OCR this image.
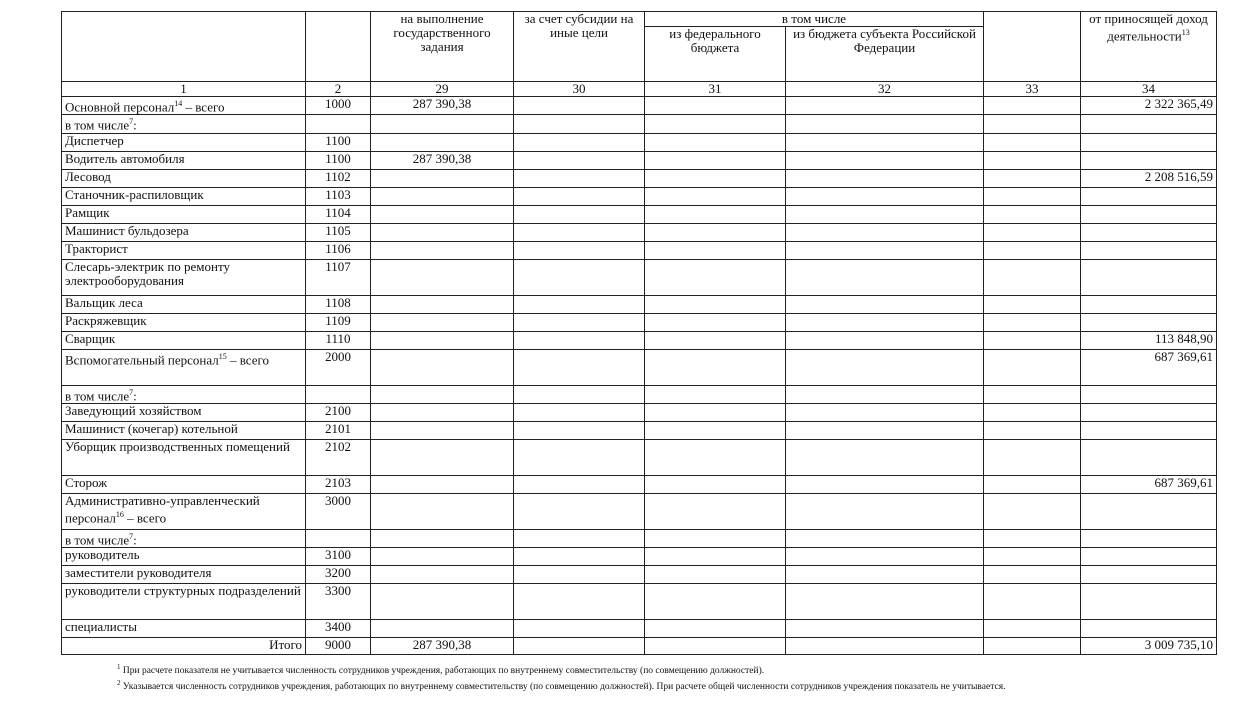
		на выполнение государственного задания	за счет субсидии на иные цели	в том числе			от приносящей доход деятельности$^{13}$
				из федерального бюджета	из бюджета субъекта Российской Федерации		
1	2	29	30	31	32	33	34
Основной персонал$^{14}$ – всего	1000	287 390,38					2 322 365,49
в том числе$^7$:							
Диспетчер	1100						
Водитель автомобиля	1100	287 390,38					
Лесовод	1102						2 208 516,59
Станочник-распиловщик	1103						
Рамщик	1104						
Машинист бульдозера	1105						
Тракторист	1106						
Слесарь-электрик по ремонту электрооборудования	1107						
Вальщик леса	1108						
Раскряжевщик	1109						
Сварщик	1110						113 848,90
Вспомогательный персонал$^{15}$ – всего	2000						687 369,61
в том числе$^7$:							
Заведующий хозяйством	2100						
Машинист (кочегар) котельной	2101						
Уборщик производственных помещений	2102						
Сторож	2103						687 369,61
Административно-управленческий персонал$^{16}$ – всего	3000						
в том числе$^7$:							
руководитель	3100						
заместители руководителя	3200						
руководители структурных подразделений	3300						
специалисты	3400						
Итого	9000	287 390,38					3 009 735,10
$^1$ При расчете показателя не учитывается численность сотрудников учреждения, работающих по внутреннему совместительству (по совмещению должностей).
$^2$ Указывается численность сотрудников учреждения, работающих по внутреннему совместительству (по совмещению должностей). При расчете общей численности сотрудников учреждения показатель не учитывается.
